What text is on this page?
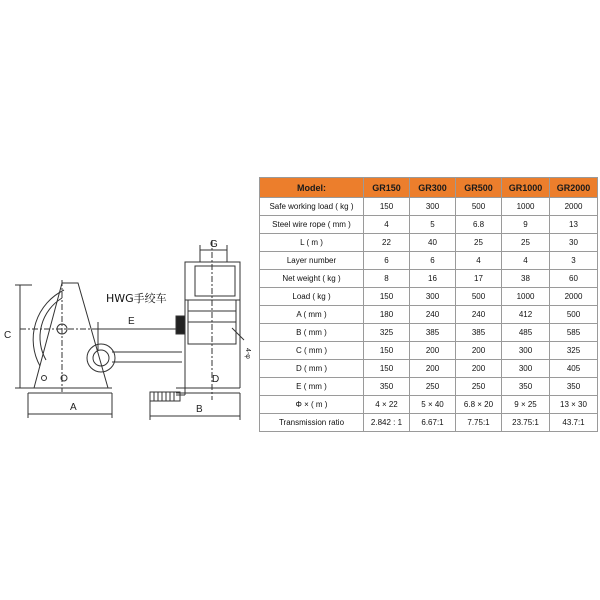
C
A
E
G
D
B
4-φ
HWG手绞车
Model:	GR150	GR300	GR500	GR1000	GR2000
Safe working load ( kg )	150	300	500	1000	2000
Steel wire rope ( mm )	4	5	6.8	9	13
L ( m )	22	40	25	25	30
Layer number	6	6	4	4	3
Net weight ( kg )	8	16	17	38	60
Load ( kg )	150	300	500	1000	2000
A ( mm )	180	240	240	412	500
B ( mm )	325	385	385	485	585
C ( mm )	150	200	200	300	325
D ( mm )	150	200	200	300	405
E ( mm )	350	250	250	350	350
Φ × ( m )	4 × 22	5 × 40	6.8 × 20	9 × 25	13 × 30
Transmission ratio	2.842 : 1	6.67:1	7.75:1	23.75:1	43.7:1
